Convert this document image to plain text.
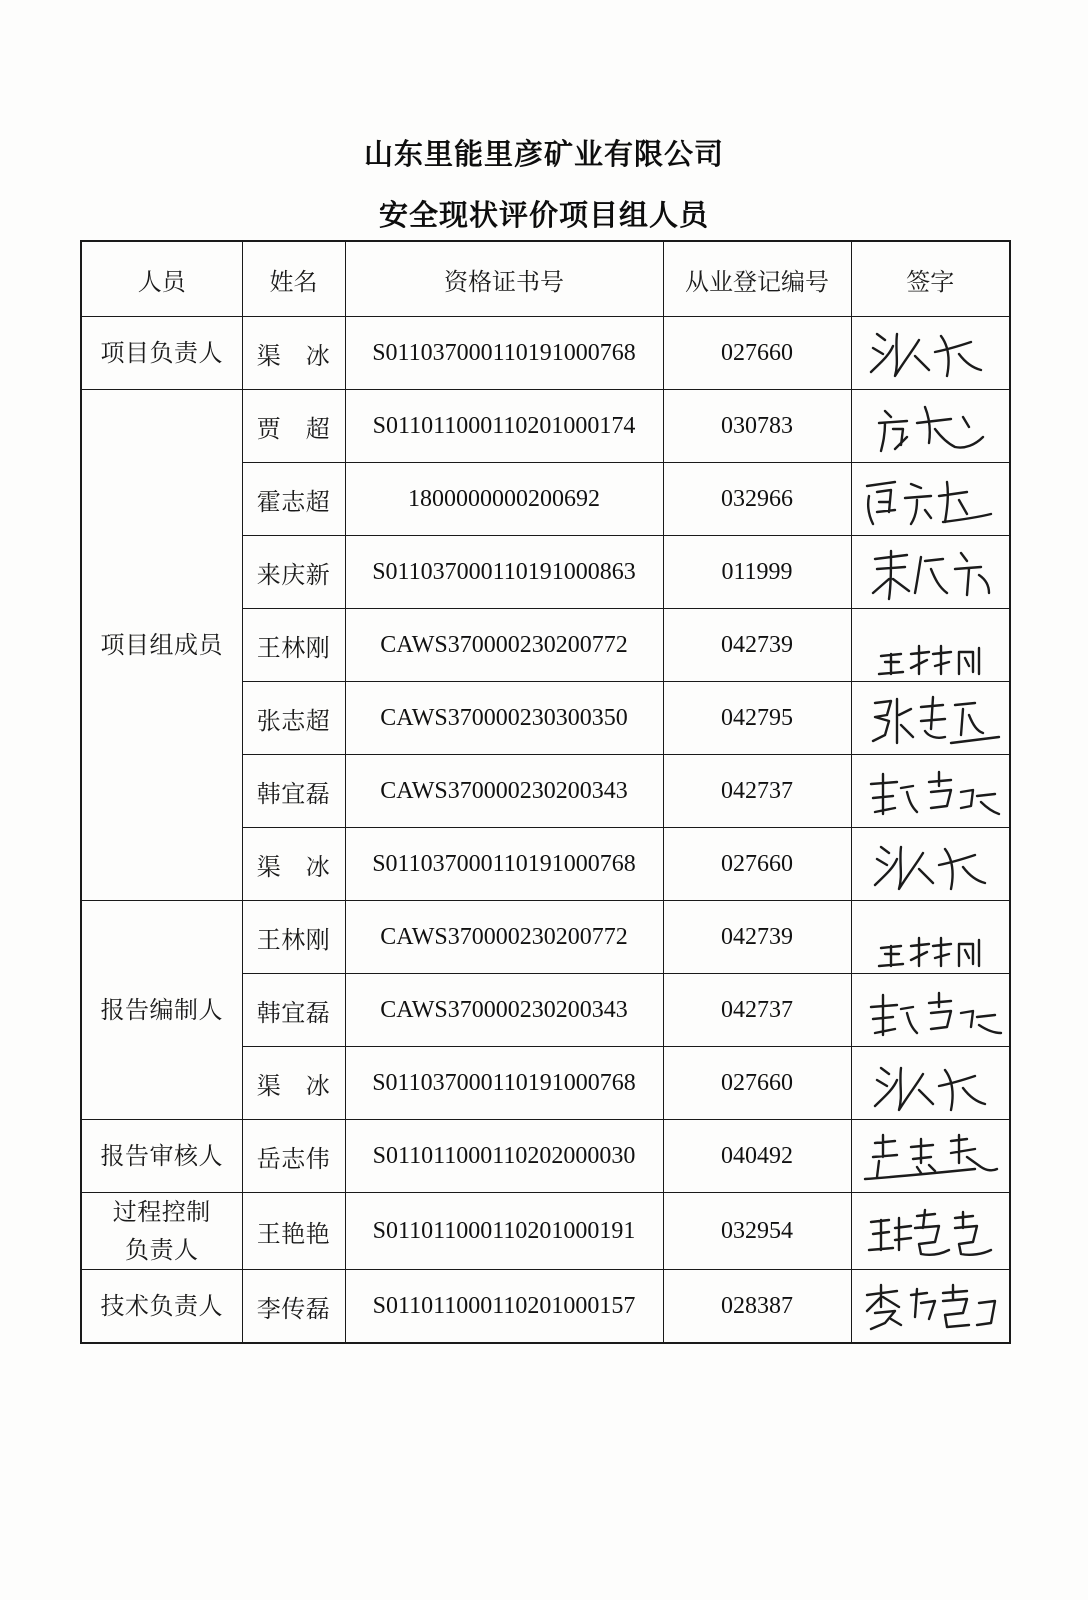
山东里能里彦矿业有限公司
安全现状评价项目组人员
人员	姓名	资格证书号	从业登记编号	签字
项目负责人	渠　冰	S011037000110191000768	027660	

项目组成员	贾　超	S011011000110201000174	030783	

	霍志超	1800000000200692	032966	

	来庆新	S011037000110191000863	011999	

	王林刚	CAWS370000230200772	042739	

	张志超	CAWS370000230300350	042795	

	韩宜磊	CAWS370000230200343	042737	

	渠　冰	S011037000110191000768	027660	

报告编制人	王林刚	CAWS370000230200772	042739	

	韩宜磊	CAWS370000230200343	042737	

	渠　冰	S011037000110191000768	027660	

报告审核人	岳志伟	S011011000110202000030	040492	

过程控制
负责人	王艳艳	S011011000110201000191	032954	

技术负责人	李传磊	S011011000110201000157	028387	
